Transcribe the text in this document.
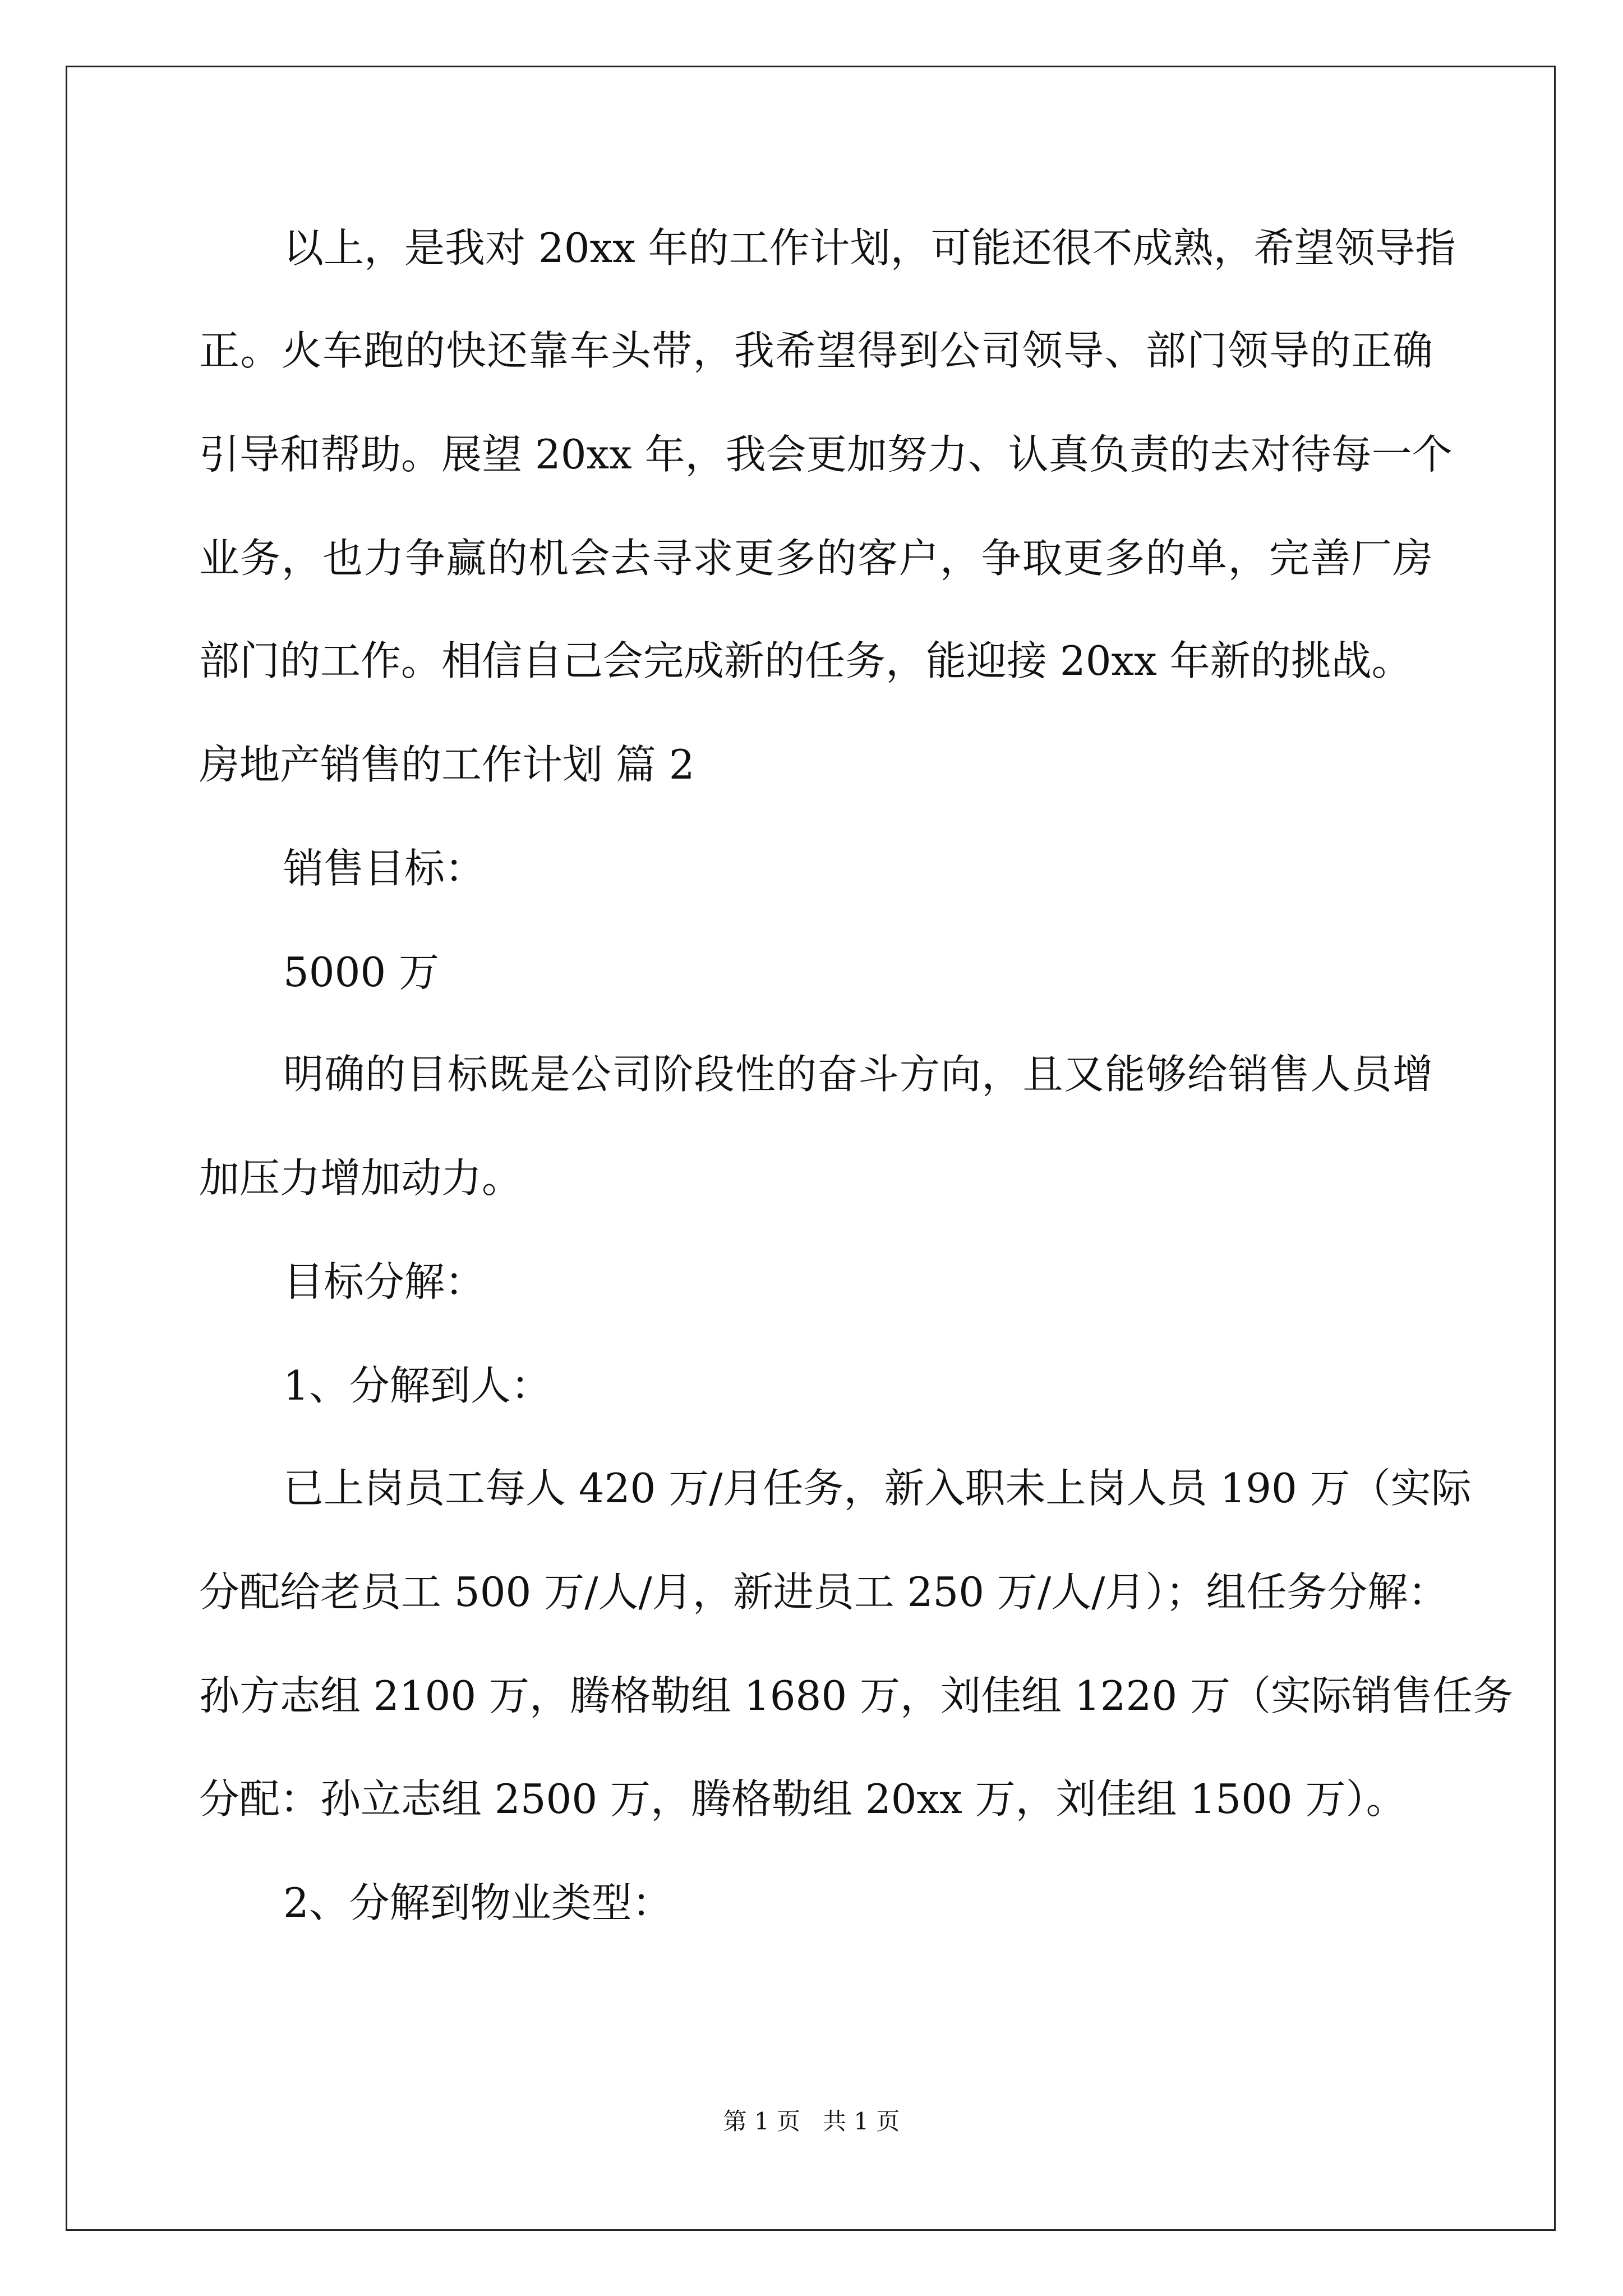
以上，是我对 20xx 年的工作计划，可能还很不成熟，希望领导指
正。火车跑的快还靠车头带，我希望得到公司领导、部门领导的正确
引导和帮助。展望 20xx 年，我会更加努力、认真负责的去对待每一个
业务，也力争赢的机会去寻求更多的客户，争取更多的单，完善厂房
部门的工作。相信自己会完成新的任务，能迎接 20xx 年新的挑战。
房地产销售的工作计划 篇 2
销售目标：
5000 万
明确的目标既是公司阶段性的奋斗方向，且又能够给销售人员增
加压力增加动力。
目标分解：
1、分解到人：
已上岗员工每人 420 万/月任务，新入职未上岗人员 190 万（实际
分配给老员工 500 万/人/月，新进员工 250 万/人/月）；组任务分解：
孙方志组 2100 万，腾格勒组 1680 万，刘佳组 1220 万（实际销售任务
分配：孙立志组 2500 万，腾格勒组 20xx 万，刘佳组 1500 万）。
2、分解到物业类型：
第 1 页 共 1 页
